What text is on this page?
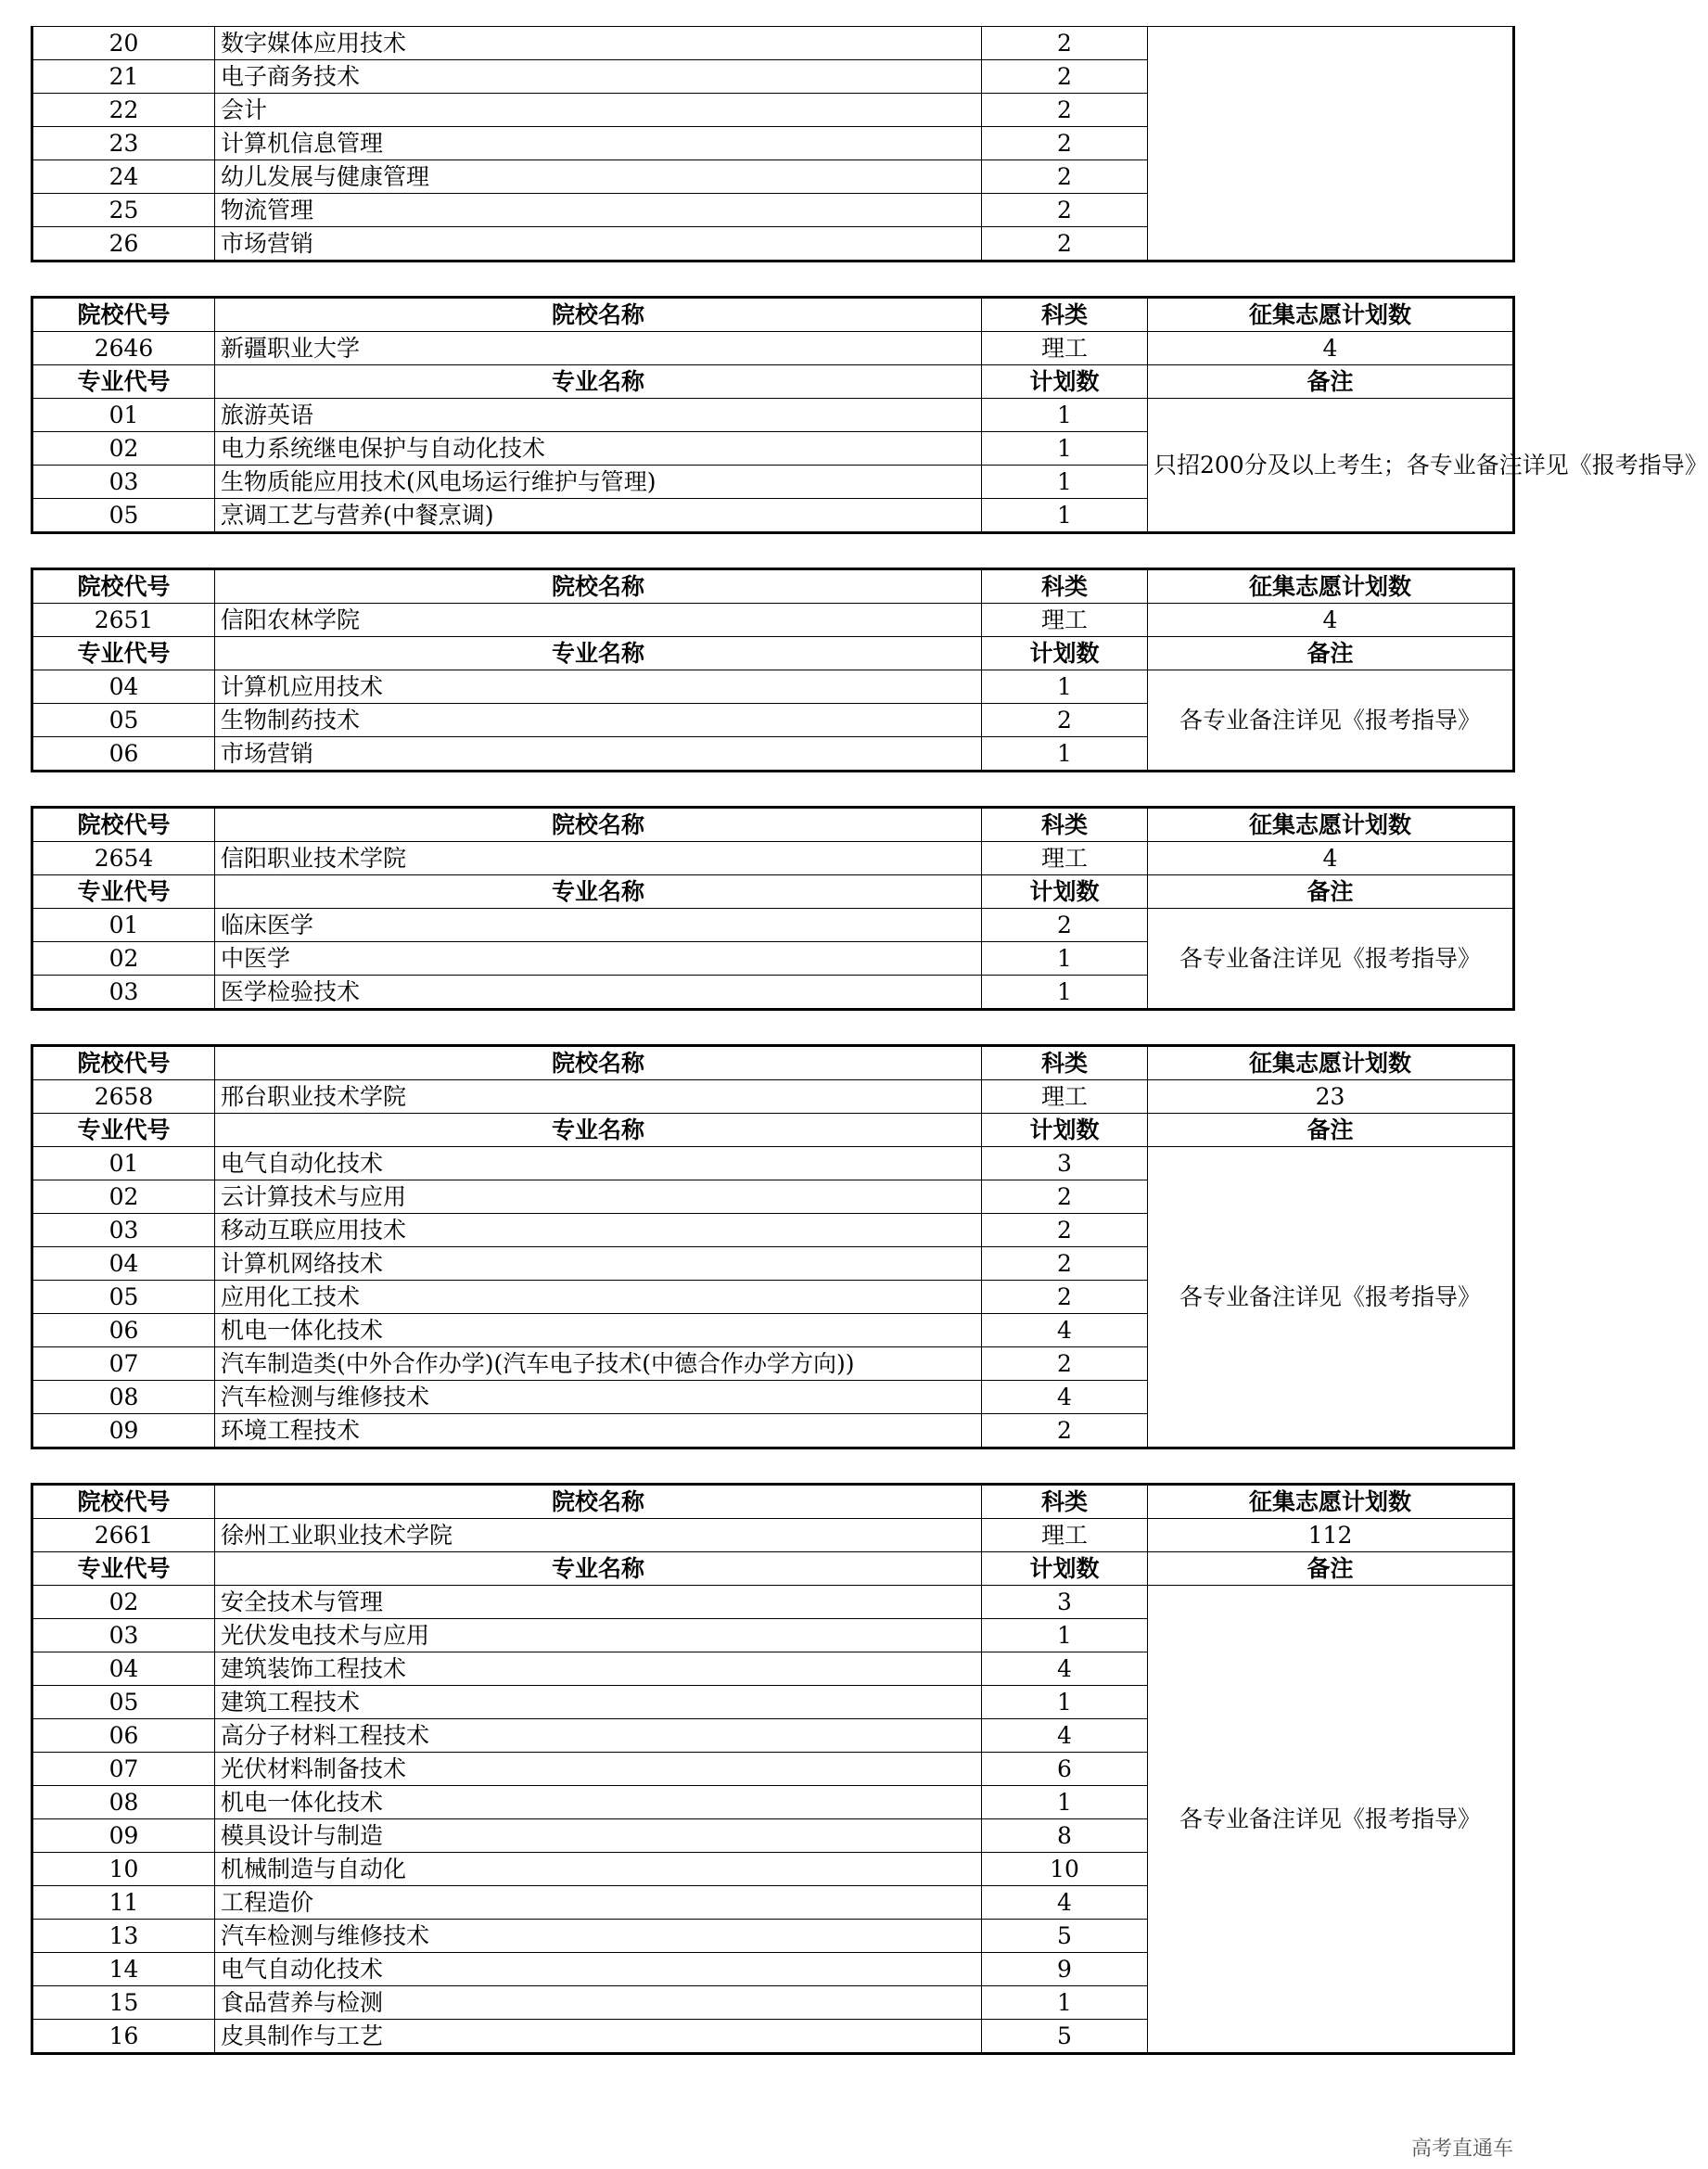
20	数字媒体应用技术	2	
21	电子商务技术	2	
22	会计	2	
23	计算机信息管理	2	
24	幼儿发展与健康管理	2	
25	物流管理	2	
26	市场营销	2	
院校代号	院校名称	科类	征集志愿计划数
2646	新疆职业大学	理工	4
专业代号	专业名称	计划数	备注
01	旅游英语	1	只招200分及以上考生；各专业备注详见《报考指导》
02	电力系统继电保护与自动化技术	1	
03	生物质能应用技术(风电场运行维护与管理)	1	
05	烹调工艺与营养(中餐烹调)	1	
院校代号	院校名称	科类	征集志愿计划数
2651	信阳农林学院	理工	4
专业代号	专业名称	计划数	备注
04	计算机应用技术	1	各专业备注详见《报考指导》
05	生物制药技术	2	
06	市场营销	1	
院校代号	院校名称	科类	征集志愿计划数
2654	信阳职业技术学院	理工	4
专业代号	专业名称	计划数	备注
01	临床医学	2	各专业备注详见《报考指导》
02	中医学	1	
03	医学检验技术	1	
院校代号	院校名称	科类	征集志愿计划数
2658	邢台职业技术学院	理工	23
专业代号	专业名称	计划数	备注
01	电气自动化技术	3	各专业备注详见《报考指导》
02	云计算技术与应用	2	
03	移动互联应用技术	2	
04	计算机网络技术	2	
05	应用化工技术	2	
06	机电一体化技术	4	
07	汽车制造类(中外合作办学)(汽车电子技术(中德合作办学方向))	2	
08	汽车检测与维修技术	4	
09	环境工程技术	2	
院校代号	院校名称	科类	征集志愿计划数
2661	徐州工业职业技术学院	理工	112
专业代号	专业名称	计划数	备注
02	安全技术与管理	3	各专业备注详见《报考指导》
03	光伏发电技术与应用	1	
04	建筑装饰工程技术	4	
05	建筑工程技术	1	
06	高分子材料工程技术	4	
07	光伏材料制备技术	6	
08	机电一体化技术	1	
09	模具设计与制造	8	
10	机械制造与自动化	10	
11	工程造价	4	
13	汽车检测与维修技术	5	
14	电气自动化技术	9	
15	食品营养与检测	1	
16	皮具制作与工艺	5	
高考直通车
